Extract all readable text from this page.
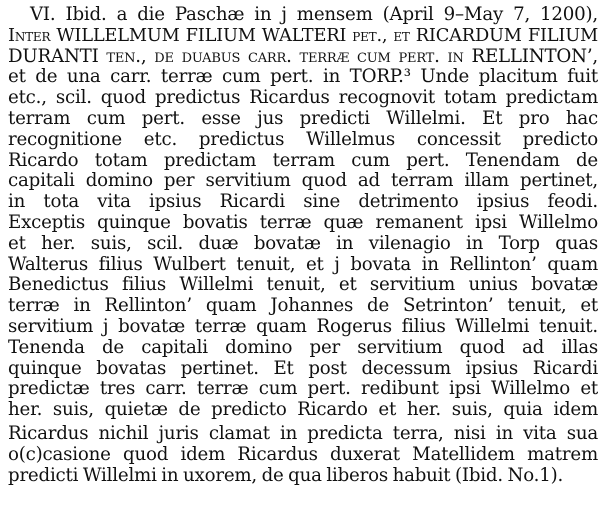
VI. Ibid. a die Paschæ in j mensem (April 9–May 7, 1200),
Inter WILLELMUM FILIUM WALTERI pet., et RICARDUM FILIUM
DURANTI ten., de duabus carr. terræ cum pert. in RELLINTON’,
et de una carr. terræ cum pert. in TORP.³ Unde placitum fuit
etc., scil. quod predictus Ricardus recognovit totam predictam
terram cum pert. esse jus predicti Willelmi. Et pro hac
recognitione etc. predictus Willelmus concessit predicto
Ricardo totam predictam terram cum pert. Tenendam de
capitali domino per servitium quod ad terram illam pertinet,
in tota vita ipsius Ricardi sine detrimento ipsius feodi.
Exceptis quinque bovatis terræ quæ remanent ipsi Willelmo
et her. suis, scil. duæ bovatæ in vilenagio in Torp quas
Walterus filius Wulbert tenuit, et j bovata in Rellinton’ quam
Benedictus filius Willelmi tenuit, et servitium unius bovatæ
terræ in Rellinton’ quam Johannes de Setrinton’ tenuit, et
servitium j bovatæ terræ quam Rogerus filius Willelmi tenuit.
Tenenda de capitali domino per servitium quod ad illas
quinque bovatas pertinet. Et post decessum ipsius Ricardi
predictæ tres carr. terræ cum pert. redibunt ipsi Willelmo et
her. suis, quietæ de predicto Ricardo et her. suis, quia idem
Ricardus nichil juris clamat in predicta terra, nisi in vita sua
o(c)casione quod idem Ricardus duxerat Matellidem matrem
predicti Willelmi in uxorem, de qua liberos habuit (Ibid. No.1).
